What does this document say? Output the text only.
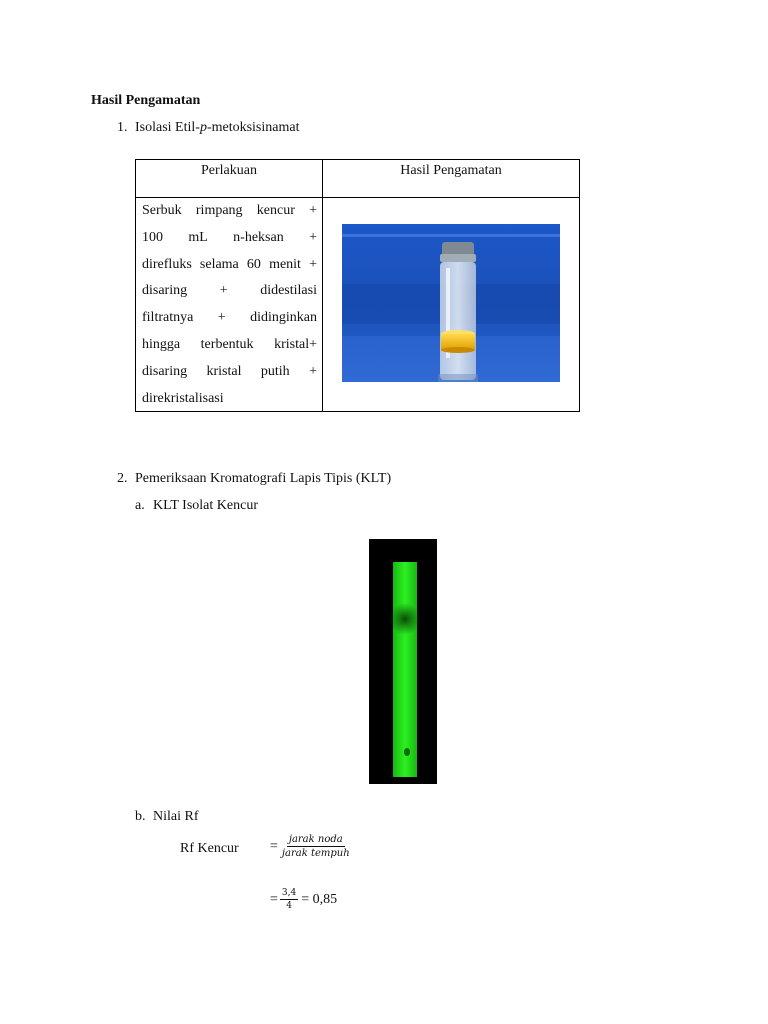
Hasil Pengamatan
1. Isolasi Etil-p-metoksisinamat
Perlakuan	Hasil Pengamatan
Serbuk rimpang kencur +
100 mL n-heksan +
direfluks selama 60 menit +
disaring + didestilasi
filtratnya + didinginkan
hingga terbentuk kristal+
disaring kristal putih +
direkristalisasi
2. Pemeriksaan Kromatografi Lapis Tipis (KLT)
a. KLT Isolat Kencur
b. Nilai Rf
Rf Kencur = $\frac{\text{jarak noda}}{\text{jarak tempuh}}$
= $\frac{3,4}{4} = 0,85$
